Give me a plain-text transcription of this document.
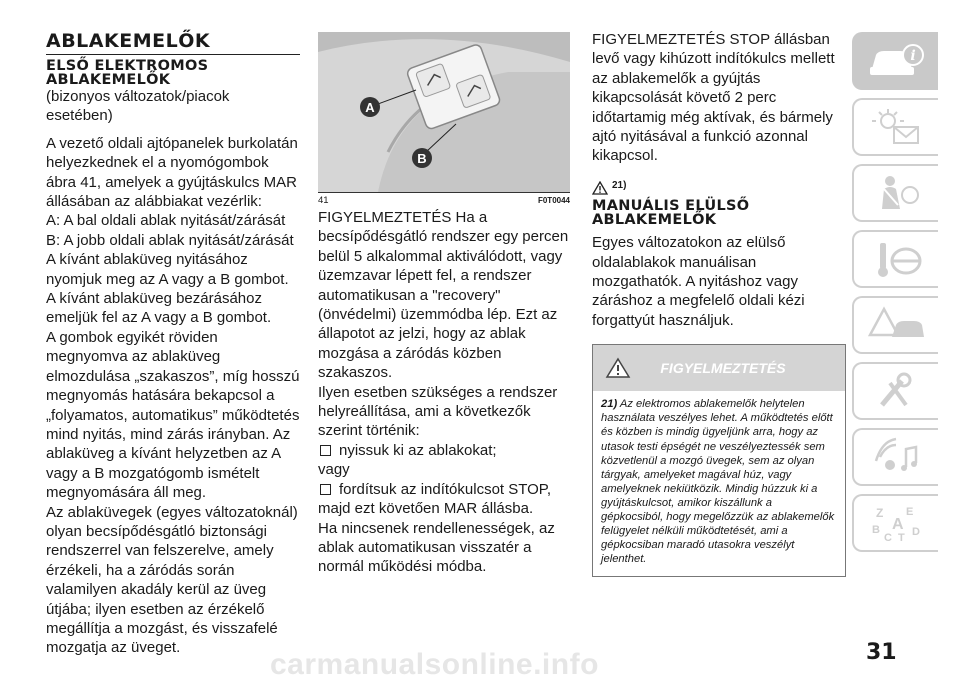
ABLAKEMELŐK
ELSŐ ELEKTROMOS ABLAKEMELŐK

(bizonyos változatok/piacok esetében)

A vezető oldali ajtópanelek burkolatán helyezkednek el a nyomógombok ábra 41, amelyek a gyújtáskulcs MAR állásában az alábbiakat vezérlik:

A: A bal oldali ablak nyitását/zárását

B: A jobb oldali ablak nyitását/zárását

A kívánt ablaküveg nyitásához nyomjuk meg az A vagy a B gombot.

A kívánt ablaküveg bezárásához emeljük fel az A vagy a B gombot.

A gombok egyikét röviden megnyomva az ablaküveg elmozdulása „szakaszos”, míg hosszú megnyomás hatására bekapcsol a „folyamatos, automatikus” működtetés mind nyitás, mind zárás irányban. Az ablaküveg a kívánt helyzetben az A vagy a B mozgatógomb ismételt megnyomására áll meg.

Az ablaküvegek (egyes változatoknál) olyan becsípődésgátló biztonsági rendszerrel van felszerelve, amely érzékeli, ha a záródás során valamilyen akadály kerül az üveg útjába; ilyen esetben az érzékelő megállítja a mozgást, és visszafelé mozgatja az üveget.

A
B
41	F0T0044

FIGYELMEZTETÉS Ha a becsípődésgátló rendszer egy percen belül 5 alkalommal aktiválódott, vagy üzemzavar lépett fel, a rendszer automatikusan a "recovery" (önvédelmi) üzemmódba lép. Ezt az állapotot az jelzi, hogy az ablak mozgása a záródás közben szakaszos.

Ilyen esetben szükséges a rendszer helyreállítása, ami a következők szerint történik:

nyissuk ki az ablakokat;

vagy

fordítsuk az indítókulcsot STOP,

majd ezt követően MAR állásba.

Ha nincsenek rendellenességek, az ablak automatikusan visszatér a normál működési módba.

FIGYELMEZTETÉS STOP állásban levő vagy kihúzott indítókulcs mellett az ablakemelők a gyújtás kikapcsolását követő 2 perc időtartamig még aktívak, és bármely ajtó nyitásával a funkció azonnal kikapcsol.

21)
MANUÁLIS ELÜLSŐ ABLAKEMELŐK

Egyes változatokon az elülső oldalablakok manuálisan mozgathatók. A nyitáshoz vagy záráshoz a megfelelő oldali kézi forgattyút használjuk.

FIGYELMEZTETÉS
21) Az elektromos ablakemelők helytelen használata veszélyes lehet. A működtetés előtt és közben is mindig ügyeljünk arra, hogy az utasok testi épségét ne veszélyeztessék sem közvetlenül a mozgó üvegek, sem az olyan tárgyak, amelyeket magával húz, vagy amelyeknek nekiütközik. Mindig húzzuk ki a gyújtáskulcsot, amikor kiszállunk a gépkocsiból, hogy megelőzzük az ablakemelők felügyelet nélküli működtetését, ami a gépkocsiban maradó utasokra veszélyt jelenthet.
i
Z E
A
B	D
C T
31
carmanualsonline.info
